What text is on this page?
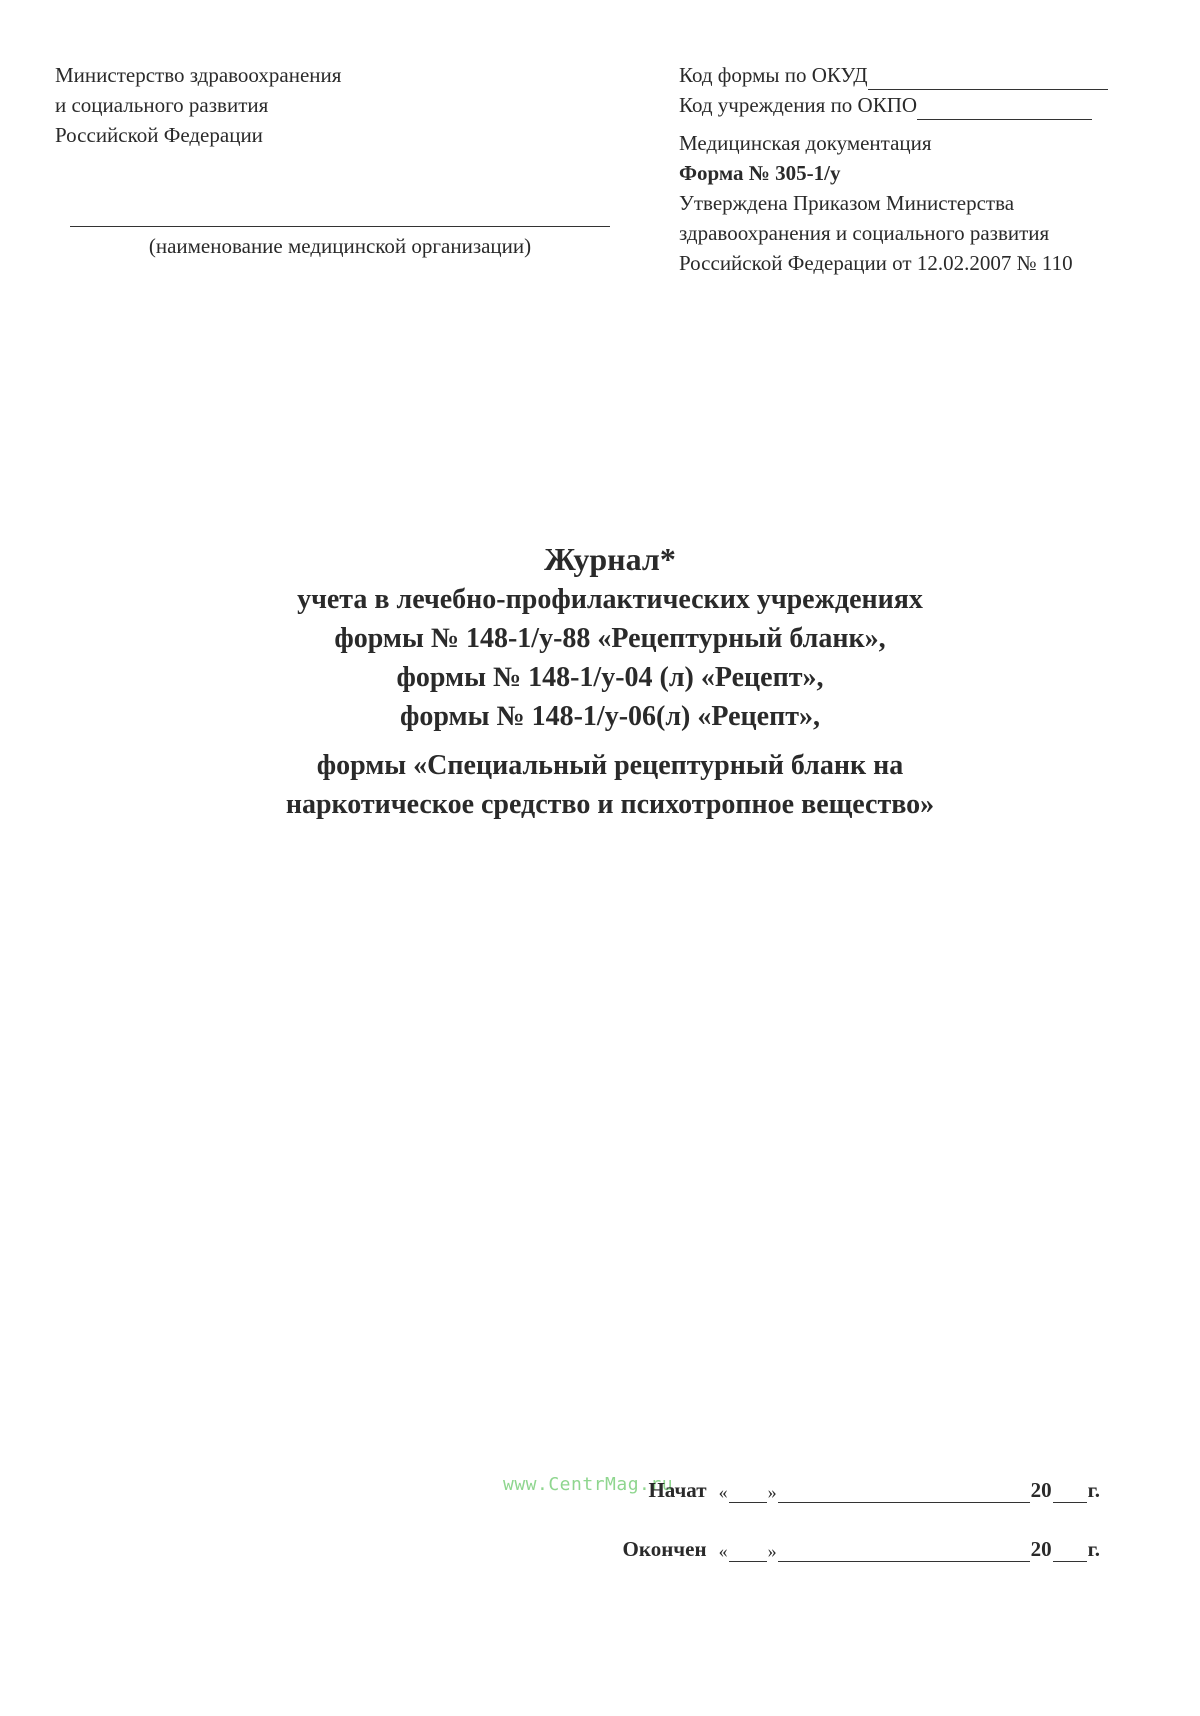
Министерство здравоохранения
и социального развития
Российской Федерации
(наименование медицинской организации)
Код формы по ОКУД
Код учреждения по ОКПО
Медицинская документация
Форма № 305-1/у
Утверждена Приказом Министерства
здравоохранения и социального развития
Российской Федерации от 12.02.2007 № 110
Журнал*
учета в лечебно-профилактических учреждениях
формы № 148-1/у-88 «Рецептурный бланк»,
формы № 148-1/у-04 (л) «Рецепт»,
формы № 148-1/у-06(л) «Рецепт»,
формы «Специальный рецептурный бланк на
наркотическое средство и психотропное вещество»
www.CentrMag.ru
Начат « »	20 г.
Окончен « »	20 г.
